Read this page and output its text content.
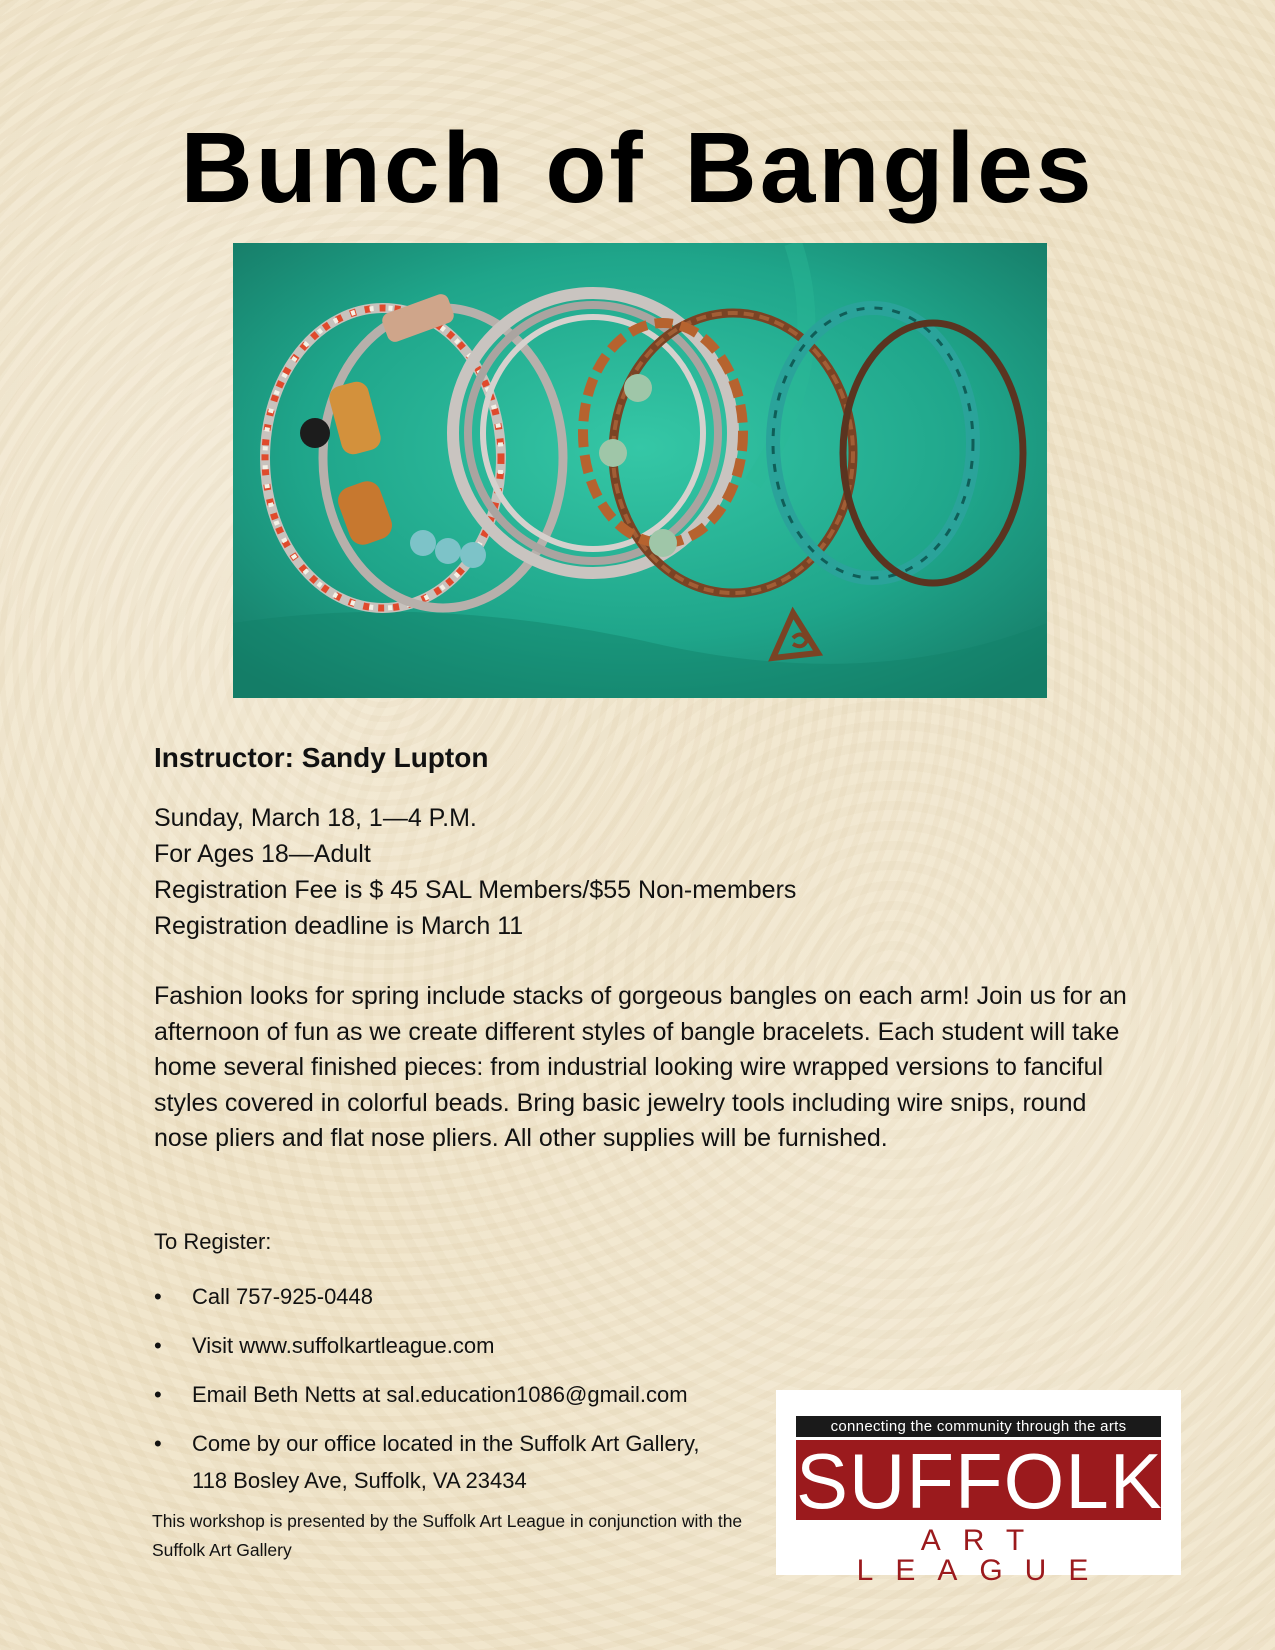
Bunch of Bangles

Instructor: Sandy Lupton

Sunday, March 18, 1—4 P.M.
For Ages 18—Adult
Registration Fee is $ 45 SAL Members/$55 Non-members
Registration deadline is March 11

Fashion looks for spring include stacks of gorgeous bangles on each arm! Join us for an afternoon of fun as we create different styles of bangle bracelets. Each student will take home several finished pieces: from industrial looking wire wrapped versions to fanciful styles covered in colorful beads. Bring basic jewelry tools including wire snips, round nose pliers and flat nose pliers. All other supplies will be furnished.

To Register:

• Call 757-925-0448
• Visit www.suffolkartleague.com
• Email Beth Netts at sal.education1086@gmail.com
• Come by our office located in the Suffolk Art Gallery,
118 Bosley Ave, Suffolk, VA 23434

This workshop is presented by the Suffolk Art League in conjunction with the Suffolk Art Gallery

connecting the community through the arts
SUFFOLK
ART LEAGUE
